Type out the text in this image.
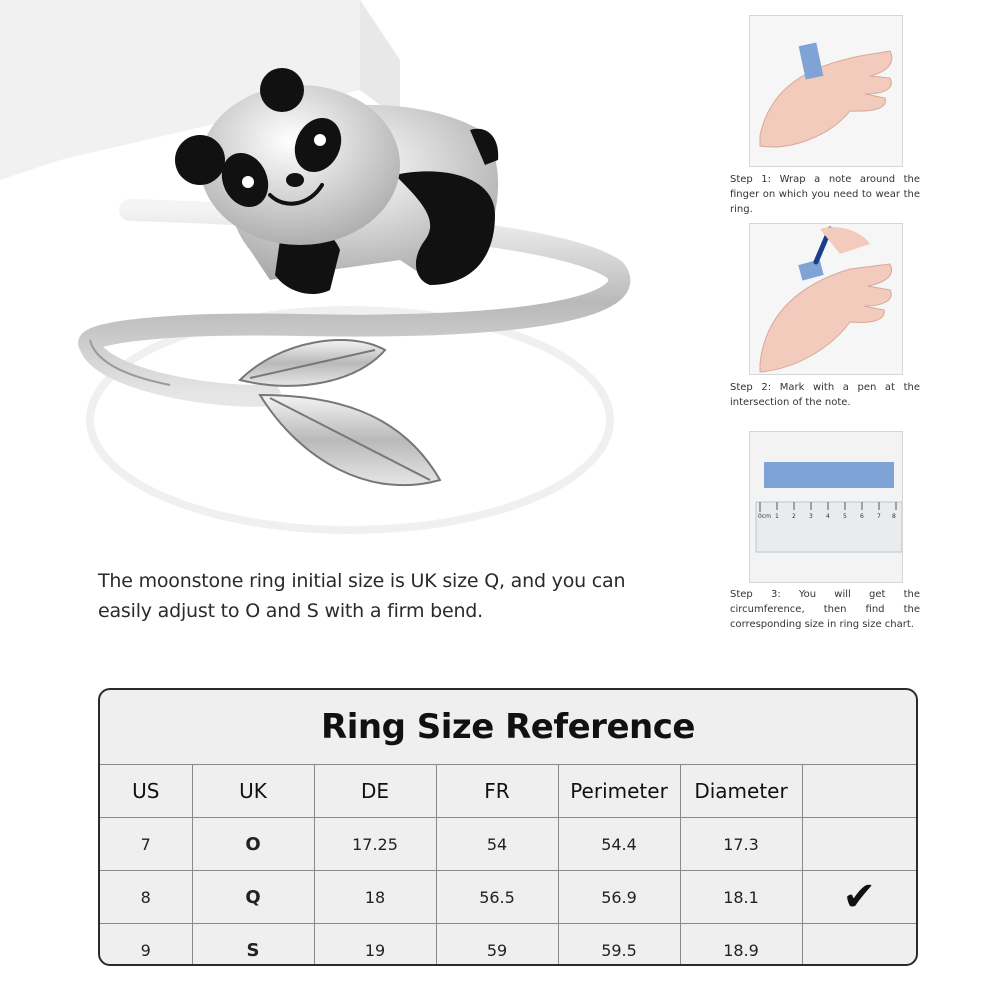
The moonstone ring initial size is UK size Q, and you can easily adjust to O and S with a firm bend.
Step 1: Wrap a note around the finger on which you need to wear the ring.
Step 2: Mark with a pen at the intersection of the note.
0cm 1 2 3 4 5 6 7 8
Step 3: You will get the circumference, then find the corresponding size in ring size chart.
Ring Size Reference
US	UK	DE	FR	Perimeter	Diameter	
7	O	17.25	54	54.4	17.3	
8	Q	18	56.5	56.9	18.1	✔
9	S	19	59	59.5	18.9	
